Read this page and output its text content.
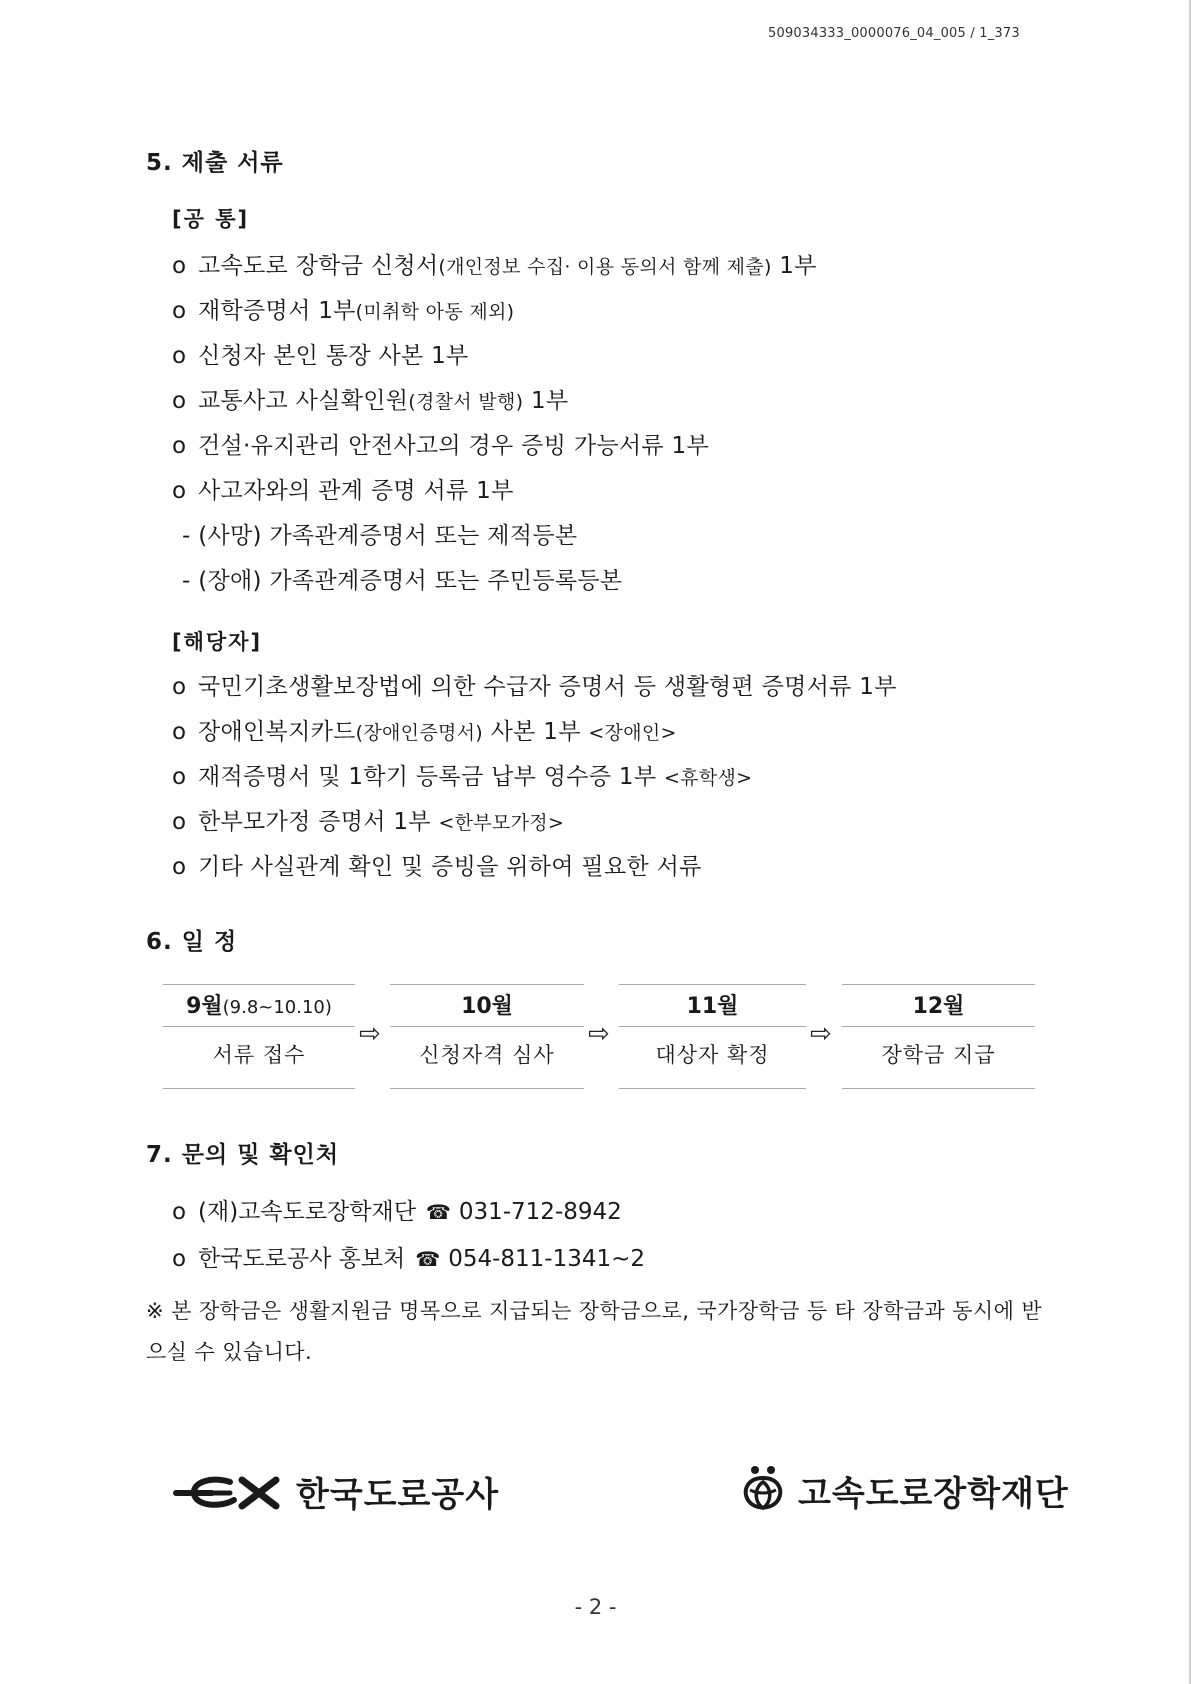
509034333_0000076_04_005 / 1_373
5. 제출 서류
[공 통]
o 고속도로 장학금 신청서(개인정보 수집· 이용 동의서 함께 제출) 1부
o 재학증명서 1부(미취학 아동 제외)
o 신청자 본인 통장 사본 1부
o 교통사고 사실확인원(경찰서 발행) 1부
o 건설·유지관리 안전사고의 경우 증빙 가능서류 1부
o 사고자와의 관계 증명 서류 1부
- (사망) 가족관계증명서 또는 제적등본
- (장애) 가족관계증명서 또는 주민등록등본
[해당자]
o 국민기초생활보장법에 의한 수급자 증명서 등 생활형편 증명서류 1부
o 장애인복지카드(장애인증명서) 사본 1부 <장애인>
o 재적증명서 및 1학기 등록금 납부 영수증 1부 <휴학생>
o 한부모가정 증명서 1부 <한부모가정>
o 기타 사실관계 확인 및 증빙을 위하여 필요한 서류
6. 일 정
9월(9.8~10.10)
서류 접수
⇨
10월
신청자격 심사
⇨
11월
대상자 확정
⇨
12월
장학금 지급
7. 문의 및 확인처
o (재)고속도로장학재단 ☎ 031-712-8942
o 한국도로공사 홍보처 ☎ 054-811-1341~2
※ 본 장학금은 생활지원금 명목으로 지급되는 장학금으로, 국가장학금 등 타 장학금과 동시에 받으실 수 있습니다.
한국도로공사	고속도로장학재단
- 2 -
